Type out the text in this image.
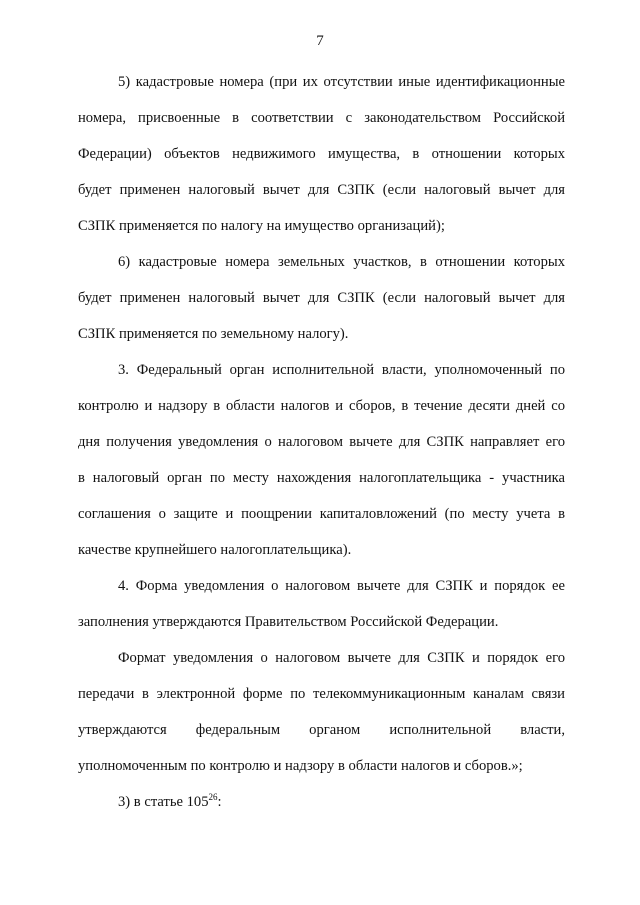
7
5) кадастровые номера (при их отсутствии иные идентификационные
номера, присвоенные в соответствии с законодательством Российской
Федерации) объектов недвижимого имущества, в отношении которых
будет применен налоговый вычет для СЗПК (если налоговый вычет для
СЗПК применяется по налогу на имущество организаций);
6) кадастровые номера земельных участков, в отношении которых
будет применен налоговый вычет для СЗПК (если налоговый вычет для
СЗПК применяется по земельному налогу).
3. Федеральный орган исполнительной власти, уполномоченный по
контролю и надзору в области налогов и сборов, в течение десяти дней со
дня получения уведомления о налоговом вычете для СЗПК направляет его
в налоговый орган по месту нахождения налогоплательщика - участника
соглашения о защите и поощрении капиталовложений (по месту учета в
качестве крупнейшего налогоплательщика).
4. Форма уведомления о налоговом вычете для СЗПК и порядок ее
заполнения утверждаются Правительством Российской Федерации.
Формат уведомления о налоговом вычете для СЗПК и порядок его
передачи в электронной форме по телекоммуникационным каналам связи
утверждаются федеральным органом исполнительной власти,
уполномоченным по контролю и надзору в области налогов и сборов.»;
3) в статье $105^{26}$:
